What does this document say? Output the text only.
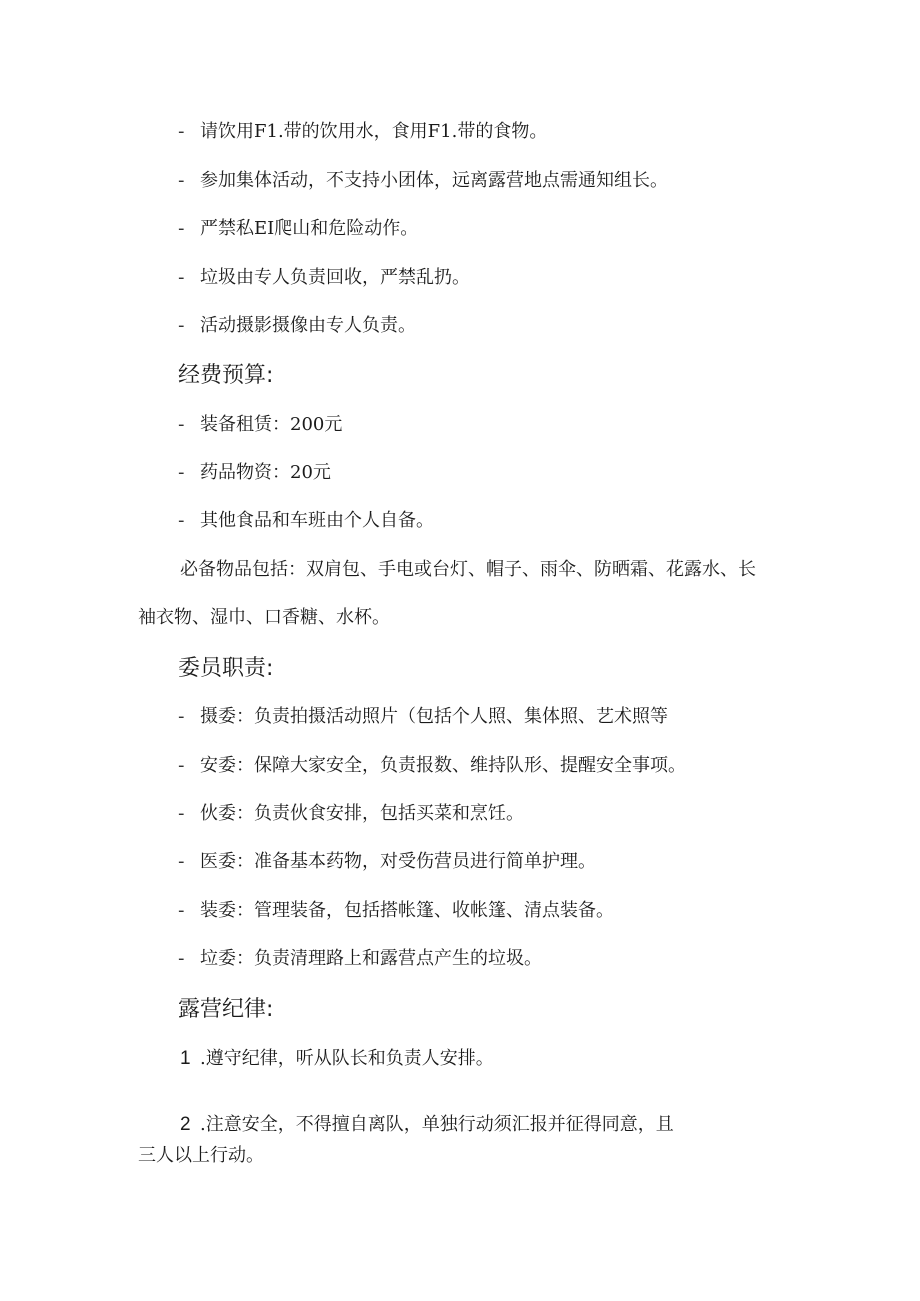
- 请饮用F1.带的饮用水，食用F1.带的食物。
- 参加集体活动，不支持小团体，远离露营地点需通知组长。
- 严禁私EI爬山和危险动作。
- 垃圾由专人负责回收，严禁乱扔。
- 活动摄影摄像由专人负责。
经费预算:
- 装备租赁：200元
- 药品物资：20元
- 其他食品和车班由个人自备。
必备物品包括：双肩包、手电或台灯、帽子、雨伞、防晒霜、花露水、长
袖衣物、湿巾、口香糖、水杯。
委员职责:
- 摄委：负责拍摄活动照片（包括个人照、集体照、艺术照等
- 安委：保障大家安全，负责报数、维持队形、提醒安全事项。
- 伙委：负责伙食安排，包括买菜和烹饪。
- 医委：准备基本药物，对受伤营员进行简单护理。
- 装委：管理装备，包括搭帐篷、收帐篷、清点装备。
- 垃委：负责清理路上和露营点产生的垃圾。
露营纪律:
1 .遵守纪律，听从队长和负责人安排。
2 .注意安全，不得擅自离队，单独行动须汇报并征得同意，且
三人以上行动。
